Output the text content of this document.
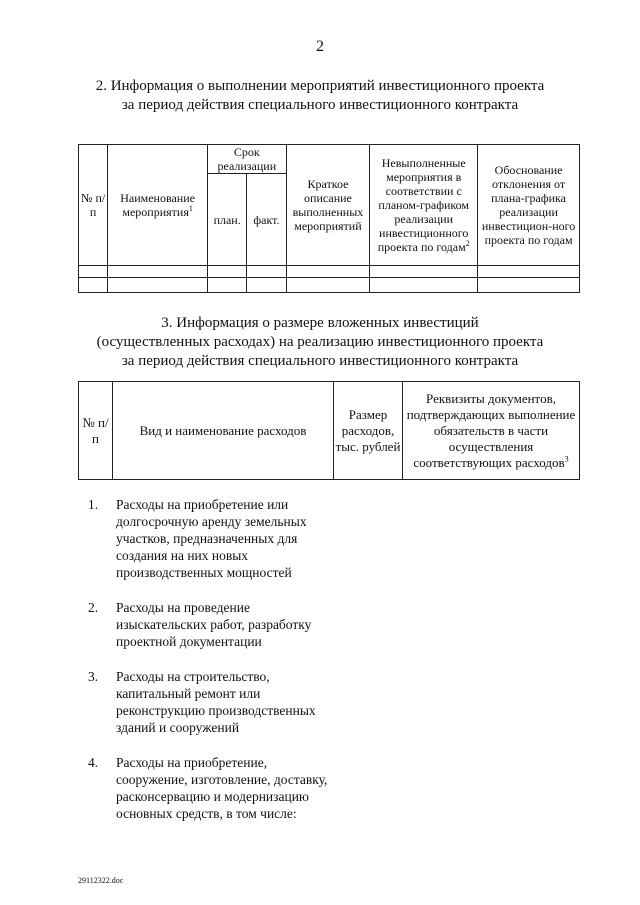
2
2. Информация о выполнении мероприятий инвестиционного проекта
за период действия специального инвестиционного контракта
№ п/п	Наименование мероприятия$^1$	Срок реализации		Краткое описание выполненных мероприятий	Невыполненные мероприятия в соответствии с планом-графиком реализации инвестиционного проекта по годам$^2$	Обоснование отклонения от плана-графика реализации инвестицион-ного проекта по годам
		план.	факт.			

3. Информация о размере вложенных инвестиций
(осуществленных расходах) на реализацию инвестиционного проекта
за период действия специального инвестиционного контракта
№ п/п	Вид и наименование расходов	Размер расходов, тыс. рублей	Реквизиты документов, подтверждающих выполнение обязательств в части осуществления соответствующих расходов$^3$
1.	Расходы на приобретение или долгосрочную аренду земельных участков, предназначенных для создания на них новых производственных мощностей
2.	Расходы на проведение изыскательских работ, разработку проектной документации
3.	Расходы на строительство, капитальный ремонт или реконструкцию производственных зданий и сооружений
4.	Расходы на приобретение, сооружение, изготовление, доставку, расконсервацию и модернизацию основных средств, в том числе:
29112322.doc
